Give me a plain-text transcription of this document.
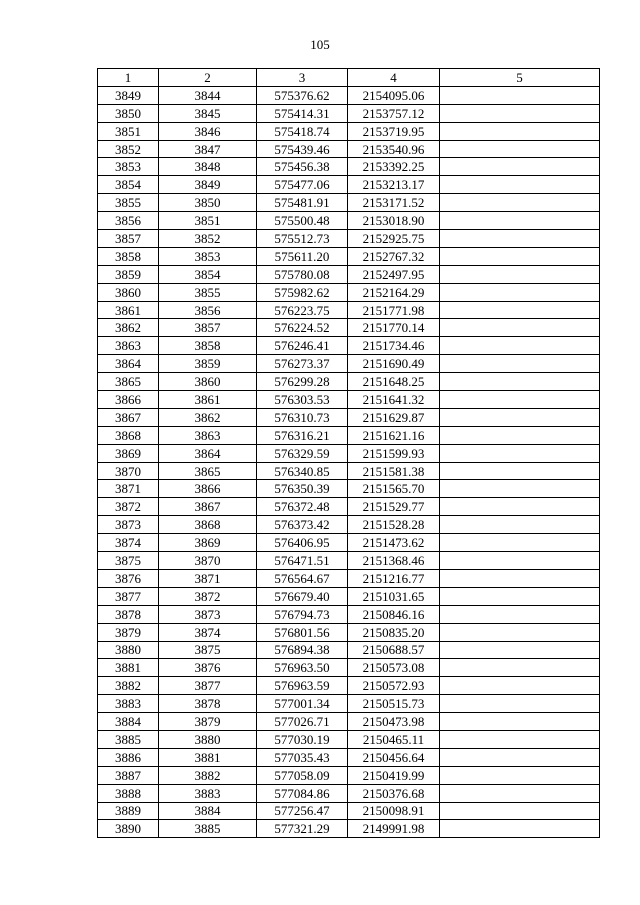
105
1	2	3	4	5
3849	3844	575376.62	2154095.06	
3850	3845	575414.31	2153757.12	
3851	3846	575418.74	2153719.95	
3852	3847	575439.46	2153540.96	
3853	3848	575456.38	2153392.25	
3854	3849	575477.06	2153213.17	
3855	3850	575481.91	2153171.52	
3856	3851	575500.48	2153018.90	
3857	3852	575512.73	2152925.75	
3858	3853	575611.20	2152767.32	
3859	3854	575780.08	2152497.95	
3860	3855	575982.62	2152164.29	
3861	3856	576223.75	2151771.98	
3862	3857	576224.52	2151770.14	
3863	3858	576246.41	2151734.46	
3864	3859	576273.37	2151690.49	
3865	3860	576299.28	2151648.25	
3866	3861	576303.53	2151641.32	
3867	3862	576310.73	2151629.87	
3868	3863	576316.21	2151621.16	
3869	3864	576329.59	2151599.93	
3870	3865	576340.85	2151581.38	
3871	3866	576350.39	2151565.70	
3872	3867	576372.48	2151529.77	
3873	3868	576373.42	2151528.28	
3874	3869	576406.95	2151473.62	
3875	3870	576471.51	2151368.46	
3876	3871	576564.67	2151216.77	
3877	3872	576679.40	2151031.65	
3878	3873	576794.73	2150846.16	
3879	3874	576801.56	2150835.20	
3880	3875	576894.38	2150688.57	
3881	3876	576963.50	2150573.08	
3882	3877	576963.59	2150572.93	
3883	3878	577001.34	2150515.73	
3884	3879	577026.71	2150473.98	
3885	3880	577030.19	2150465.11	
3886	3881	577035.43	2150456.64	
3887	3882	577058.09	2150419.99	
3888	3883	577084.86	2150376.68	
3889	3884	577256.47	2150098.91	
3890	3885	577321.29	2149991.98	
